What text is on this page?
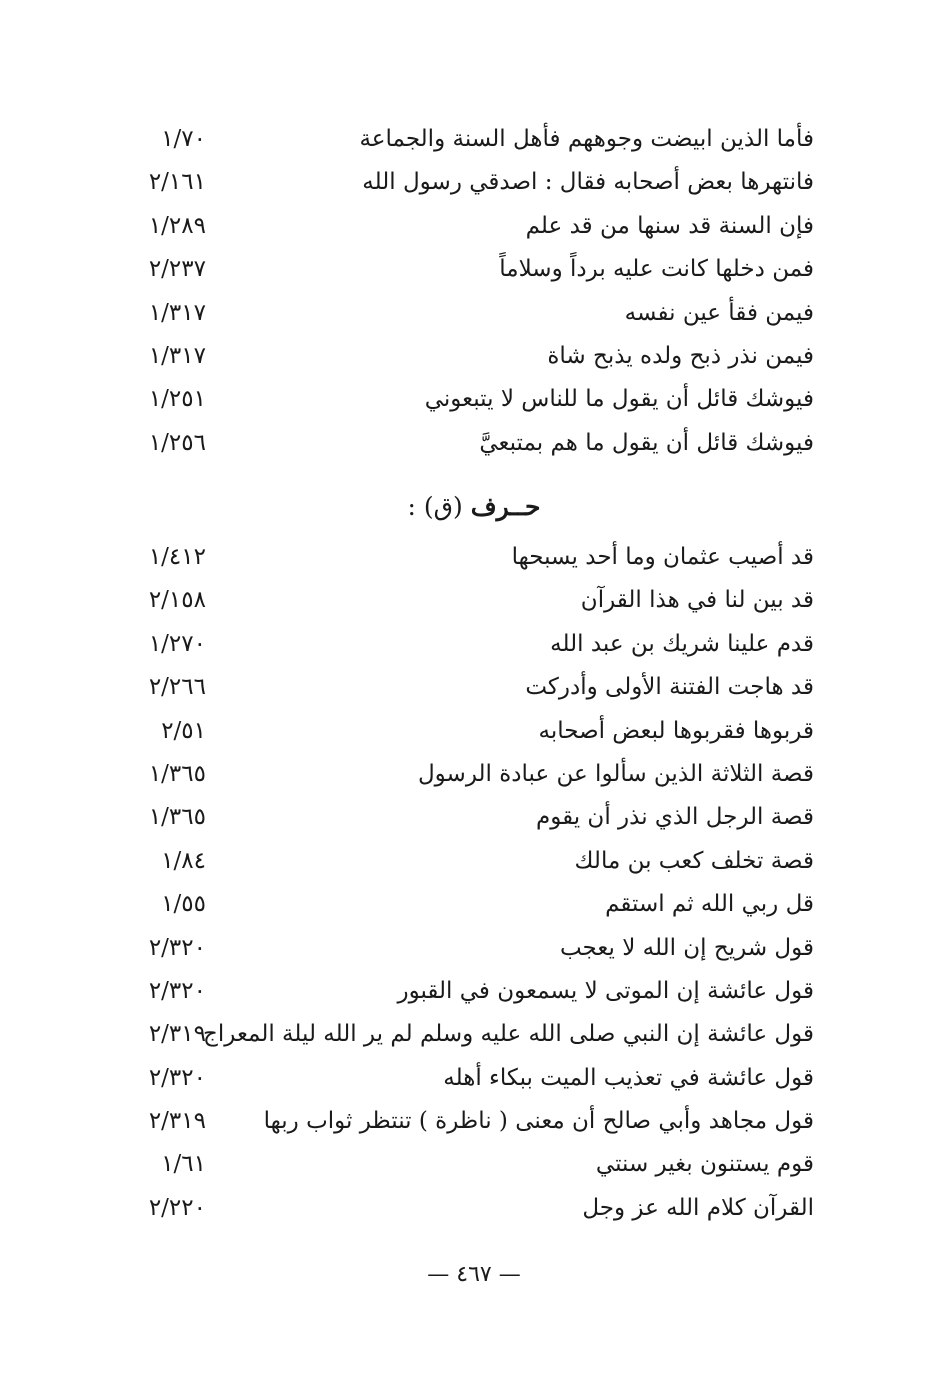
فأما الذين ابيضت وجوههم فأهل السنة والجماعة
١/٧٠
فانتهرها بعض أصحابه فقال : اصدقي رسول الله
٢/١٦١
فإن السنة قد سنها من قد علم
١/٢٨٩
فمن دخلها كانت عليه برداً وسلاماً
٢/٢٣٧
فيمن فقأ عين نفسه
١/٣١٧
فيمن نذر ذبح ولده يذبح شاة
١/٣١٧
فيوشك قائل أن يقول ما للناس لا يتبعوني
١/٢٥١
فيوشك قائل أن يقول ما هم بمتبعيَّ
١/٢٥٦
حــرف (ق) :
قد أصيب عثمان وما أحد يسبحها
١/٤١٢
قد بين لنا في هذا القرآن
٢/١٥٨
قدم علينا شريك بن عبد الله
١/٢٧٠
قد هاجت الفتنة الأولى وأدركت
٢/٢٦٦
قربوها فقربوها لبعض أصحابه
٢/٥١
قصة الثلاثة الذين سألوا عن عبادة الرسول
١/٣٦٥
قصة الرجل الذي نذر أن يقوم
١/٣٦٥
قصة تخلف كعب بن مالك
١/٨٤
قل ربي الله ثم استقم
١/٥٥
قول شريح إن الله لا يعجب
٢/٣٢٠
قول عائشة إن الموتى لا يسمعون في القبور
٢/٣٢٠
قول عائشة إن النبي صلى الله عليه وسلم لم ير الله ليلة المعراج
٢/٣١٩
قول عائشة في تعذيب الميت ببكاء أهله
٢/٣٢٠
قول مجاهد وأبي صالح أن معنى ( ناظرة ) تنتظر ثواب ربها
٢/٣١٩
قوم يستنون بغير سنتي
١/٦١
القرآن كلام الله عز وجل
٢/٢٢٠
— ٤٦٧ —
